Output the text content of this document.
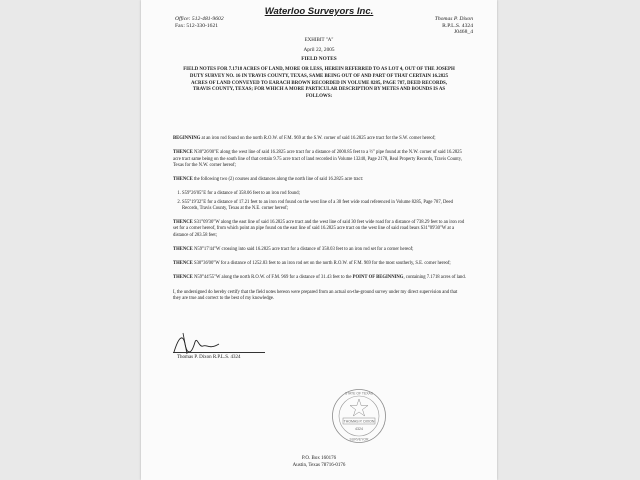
Waterloo Surveyors Inc.
Office: 512-481-9602
Fax: 512-330-1621
Thomas P. Dixon
R.P.L.S. 4324
J0468_4
EXHIBIT "A"
April 22, 2005
FIELD NOTES
FIELD NOTES FOR 7.1718 ACRES OF LAND, MORE OR LESS, HEREIN REFERRED TO AS LOT 4, OUT OF THE JOSEPH DUTY SURVEY NO. 16 IN TRAVIS COUNTY, TEXAS, SAME BEING OUT OF AND PART OF THAT CERTAIN 16.2825 ACRES OF LAND CONVEYED TO EARACH BROWN RECORDED IN VOLUME 8285, PAGE 787, DEED RECORDS, TRAVIS COUNTY, TEXAS; FOR WHICH A MORE PARTICULAR DESCRIPTION BY METES AND BOUNDS IS AS FOLLOWS:

BEGINNING at an iron rod found on the north R.O.W. of F.M. 969 at the S.W. corner of said 16.2825 acre tract for the S.W. corner hereof;

THENCE N30°26'00"E along the west line of said 16.2825 acre tract for a distance of 2000.85 feet to a ½" pipe found at the N.W. corner of said 16.2825 acre tract same being on the south line of that certain 9.75 acre tract of land recorded in Volume 13240, Page 2178, Real Property Records, Travis County, Texas for the N.W. corner hereof;

THENCE the following two (2) courses and distances along the north line of said 16.2825 acre tract:

1. S59°26'05"E for a distance of 358.06 feet to an iron rod found;
2. S55°19'32"E for a distance of 17.21 feet to an iron rod found on the west line of a 30 feet wide road referenced in Volume 8285, Page 787, Deed Records, Travis County, Texas at the N.E. corner hereof;

THENCE S31°09'30"W along the east line of said 16.2825 acre tract and the west line of said 30 feet wide road for a distance of 738.29 feet to an iron rod set for a corner hereof, from which point an pipe found on the east line of said 16.2825 acre tract on the west line of said road bears S31°09'30"W at a distance of 283.58 feet;

THENCE N59°17'44"W crossing into said 16.2825 acre tract for a distance of 358.03 feet to an iron rod set for a corner hereof;

THENCE S30°36'00"W for a distance of 1252.83 feet to an iron rod set on the north R.O.W. of F.M. 969 for the most southerly, S.E. corner hereof;

THENCE N59°44'55"W along the north R.O.W. of F.M. 969 for a distance of 31.43 feet to the POINT OF BEGINNING, containing 7.1718 acres of land.

I, the undersigned do hereby certify that the field notes hereon were prepared from an actual on-the-ground survey under my direct supervision and that they are true and correct to the best of my knowledge.

Thomas P. Dixon R.P.L.S. 4324
STATE OF TEXAS
THOMAS P. DIXON
4324
SURVEYOR
P.O. Box 160176
Austin, Texas 78716-0176
